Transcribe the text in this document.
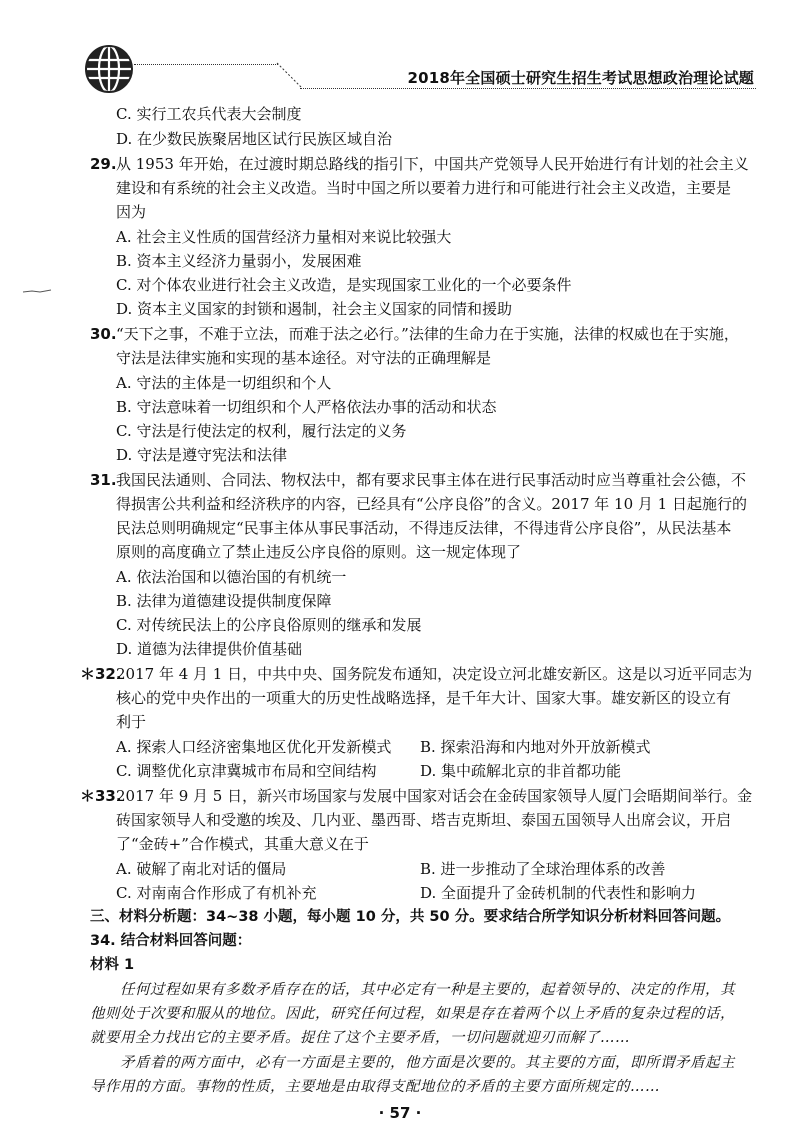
2018年全国硕士研究生招生考试思想政治理论试题
C. 实行工农兵代表大会制度
D. 在少数民族聚居地区试行民族区域自治
29. 从 1953 年开始，在过渡时期总路线的指引下，中国共产党领导人民开始进行有计划的社会主义
建设和有系统的社会主义改造。当时中国之所以要着力进行和可能进行社会主义改造，主要是
因为
A. 社会主义性质的国营经济力量相对来说比较强大
B. 资本主义经济力量弱小，发展困难
C. 对个体农业进行社会主义改造，是实现国家工业化的一个必要条件
D. 资本主义国家的封锁和遏制，社会主义国家的同情和援助
30. “天下之事，不难于立法，而难于法之必行。”法律的生命力在于实施，法律的权威也在于实施，
守法是法律实施和实现的基本途径。对守法的正确理解是
A. 守法的主体是一切组织和个人
B. 守法意味着一切组织和个人严格依法办事的活动和状态
C. 守法是行使法定的权利，履行法定的义务
D. 守法是遵守宪法和法律
31. 我国民法通则、合同法、物权法中，都有要求民事主体在进行民事活动时应当尊重社会公德，不
得损害公共利益和经济秩序的内容，已经具有“公序良俗”的含义。2017 年 10 月 1 日起施行的
民法总则明确规定“民事主体从事民事活动，不得违反法律，不得违背公序良俗”，从民法基本
原则的高度确立了禁止违反公序良俗的原则。这一规定体现了
A. 依法治国和以德治国的有机统一
B. 法律为道德建设提供制度保障
C. 对传统民法上的公序良俗原则的继承和发展
D. 道德为法律提供价值基础
＊32.
2017 年 4 月 1 日，中共中央、国务院发布通知，决定设立河北雄安新区。这是以习近平同志为
核心的党中央作出的一项重大的历史性战略选择，是千年大计、国家大事。雄安新区的设立有
利于
A. 探索人口经济密集地区优化开发新模式 B. 探索沿海和内地对外开放新模式
C. 调整优化京津冀城市布局和空间结构	D. 集中疏解北京的非首都功能
＊33.
2017 年 9 月 5 日，新兴市场国家与发展中国家对话会在金砖国家领导人厦门会晤期间举行。金
砖国家领导人和受邀的埃及、几内亚、墨西哥、塔吉克斯坦、泰国五国领导人出席会议，开启
了“金砖+”合作模式，其重大意义在于
A. 破解了南北对话的僵局	B. 进一步推动了全球治理体系的改善
C. 对南南合作形成了有机补充	D. 全面提升了金砖机制的代表性和影响力
三、材料分析题：34~38 小题，每小题 10 分，共 50 分。要求结合所学知识分析材料回答问题。
34. 结合材料回答问题：
材料 1
任何过程如果有多数矛盾存在的话，其中必定有一种是主要的，起着领导的、决定的作用，其
他则处于次要和服从的地位。因此，研究任何过程，如果是存在着两个以上矛盾的复杂过程的话，
就要用全力找出它的主要矛盾。捉住了这个主要矛盾，一切问题就迎刃而解了……
矛盾着的两方面中，必有一方面是主要的，他方面是次要的。其主要的方面，即所谓矛盾起主
导作用的方面。事物的性质，主要地是由取得支配地位的矛盾的主要方面所规定的……
· 57 ·
